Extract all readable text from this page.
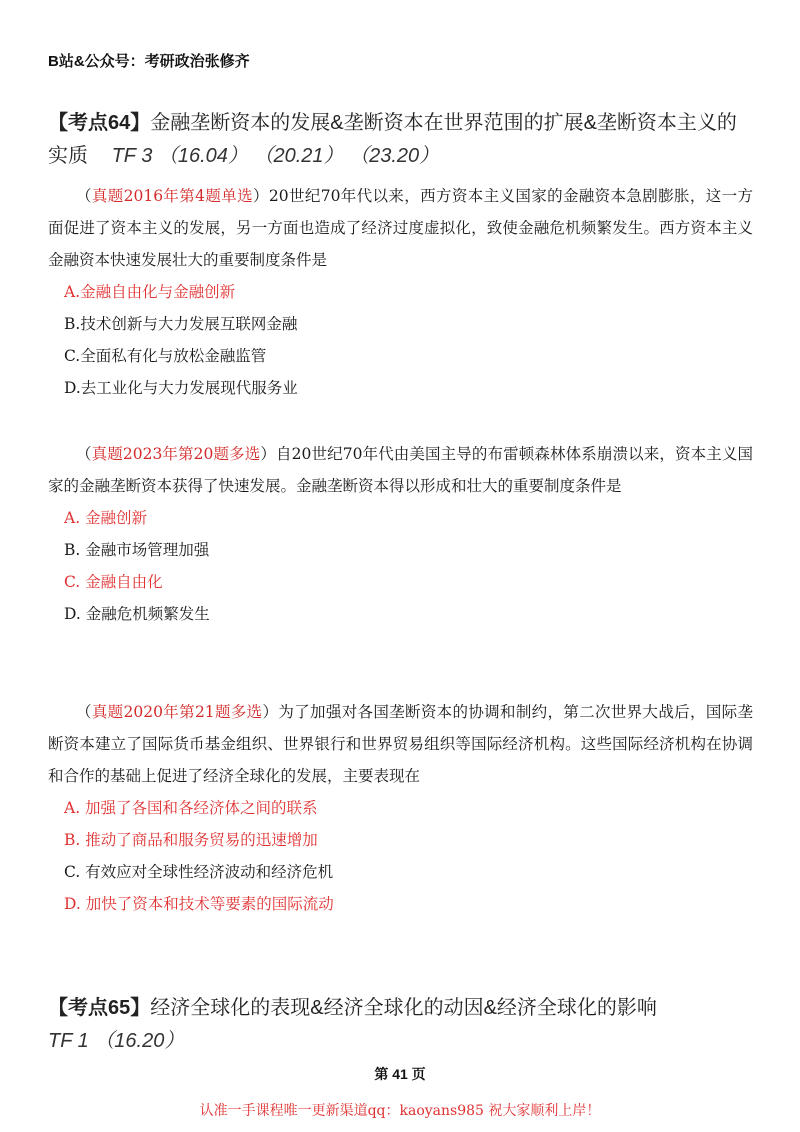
B站&公众号：考研政治张修齐
【考点64】金融垄断资本的发展&垄断资本在世界范围的扩展&垄断资本主义的实质 TF 3 （16.04） （20.21） （23.20）

（真题2016年第4题单选）20世纪70年代以来，西方资本主义国家的金融资本急剧膨胀，这一方面促进了资本主义的发展，另一方面也造成了经济过度虚拟化，致使金融危机频繁发生。西方资本主义金融资本快速发展壮大的重要制度条件是

A.金融自由化与金融创新

B.技术创新与大力发展互联网金融

C.全面私有化与放松金融监管

D.去工业化与大力发展现代服务业

（真题2023年第20题多选）自20世纪70年代由美国主导的布雷顿森林体系崩溃以来，资本主义国家的金融垄断资本获得了快速发展。金融垄断资本得以形成和壮大的重要制度条件是

A. 金融创新

B. 金融市场管理加强

C. 金融自由化

D. 金融危机频繁发生

（真题2020年第21题多选）为了加强对各国垄断资本的协调和制约，第二次世界大战后，国际垄断资本建立了国际货币基金组织、世界银行和世界贸易组织等国际经济机构。这些国际经济机构在协调和合作的基础上促进了经济全球化的发展，主要表现在

A. 加强了各国和各经济体之间的联系

B. 推动了商品和服务贸易的迅速增加

C. 有效应对全球性经济波动和经济危机

D. 加快了资本和技术等要素的国际流动

【考点65】经济全球化的表现&经济全球化的动因&经济全球化的影响
TF 1 （16.20）
第 41 页
认准一手课程唯一更新渠道qq：kaoyans985 祝大家顺利上岸！
